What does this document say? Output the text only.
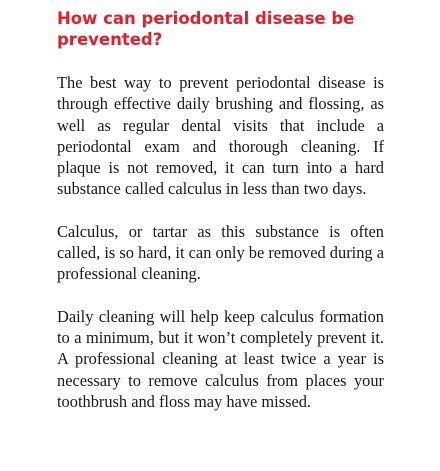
How can periodontal disease be prevented?

The best way to prevent periodontal disease is through effective daily brushing and flossing, as well as regular dental visits that include a periodontal exam and thorough cleaning. If plaque is not removed, it can turn into a hard substance called calculus in less than two days.

Calculus, or tartar as this substance is often called, is so hard, it can only be removed during a professional cleaning.

Daily cleaning will help keep calculus formation to a minimum, but it won’t completely prevent it. A professional cleaning at least twice a year is necessary to remove calculus from places your toothbrush and floss may have missed.
